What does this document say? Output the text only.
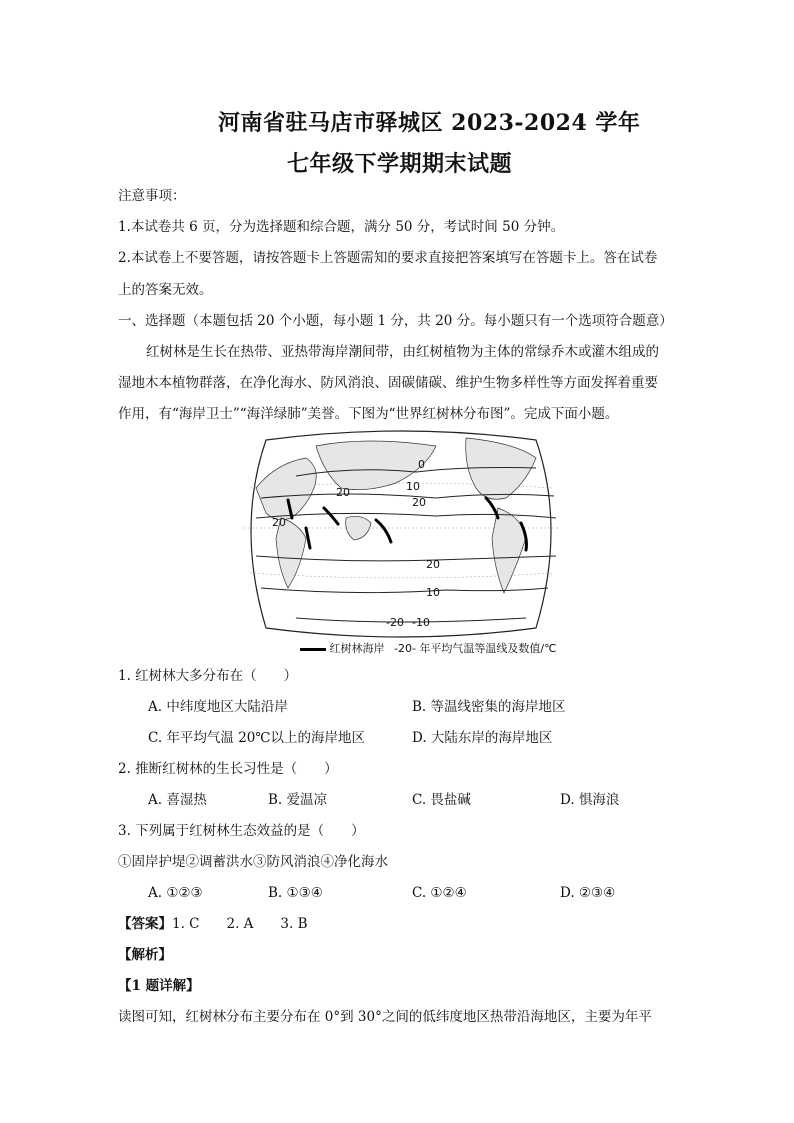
河南省驻马店市驿城区 2023-2024 学年
七年级下学期期末试题
注意事项：
1.本试卷共 6 页，分为选择题和综合题，满分 50 分，考试时间 50 分钟。
2.本试卷上不要答题，请按答题卡上答题需知的要求直接把答案填写在答题卡上。答在试卷
上的答案无效。
一、选择题（本题包括 20 个小题，每小题 1 分，共 20 分。每小题只有一个选项符合题意）
红树林是生长在热带、亚热带海岸潮间带，由红树植物为主体的常绿乔木或灌木组成的
湿地木本植物群落，在净化海水、防风消浪、固碳储碳、维护生物多样性等方面发挥着重要
作用，有“海岸卫士”“海洋绿肺”美誉。下图为“世界红树林分布图”。完成下面小题。
0
10
20
20
20
20
10
-20 -10
红树林海岸 -20- 年平均气温等温线及数值/℃
1. 红树林大多分布在（　　）
A. 中纬度地区大陆沿岸	B. 等温线密集的海岸地区
C. 年平均气温 20℃以上的海岸地区	D. 大陆东岸的海岸地区
2. 推断红树林的生长习性是（　　）
A. 喜湿热	B. 爱温凉	C. 畏盐碱	D. 惧海浪
3. 下列属于红树林生态效益的是（　　）
①固岸护堤②调蓄洪水③防风消浪④净化海水
A. ①②③	B. ①③④	C. ①②④	D. ②③④
【答案】1. C　　2. A　　3. B
【解析】
【1 题详解】
读图可知，红树林分布主要分布在 0°到 30°之间的低纬度地区热带沿海地区，主要为年平
